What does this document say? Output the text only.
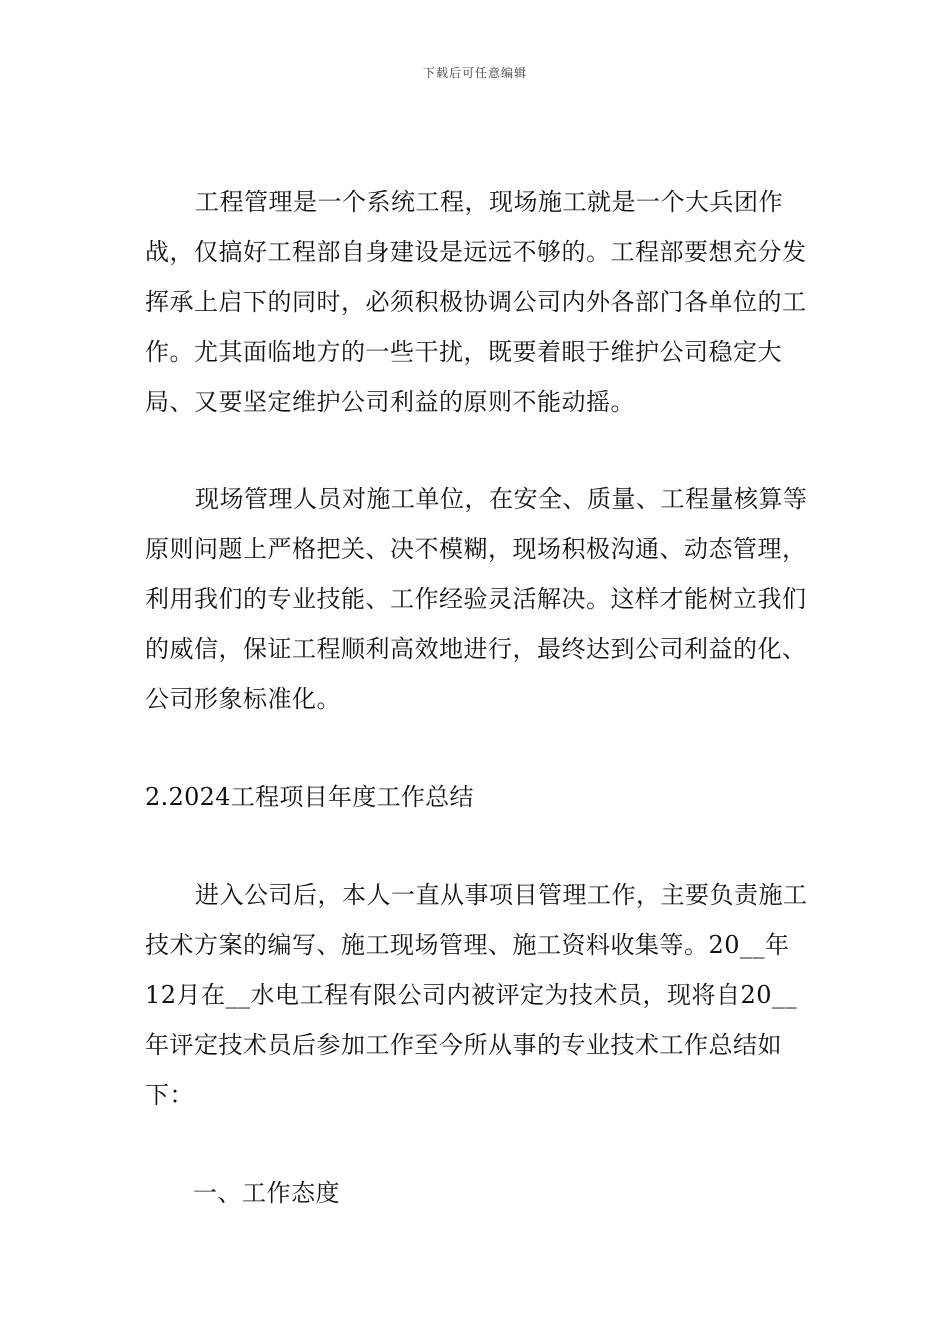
下载后可任意编辑

工程管理是一个系统工程，现场施工就是一个大兵团作战，仅搞好工程部自身建设是远远不够的。工程部要想充分发挥承上启下的同时，必须积极协调公司内外各部门各单位的工作。尤其面临地方的一些干扰，既要着眼于维护公司稳定大局、又要坚定维护公司利益的原则不能动摇。

现场管理人员对施工单位，在安全、质量、工程量核算等原则问题上严格把关、决不模糊，现场积极沟通、动态管理，利用我们的专业技能、工作经验灵活解决。这样才能树立我们的威信，保证工程顺利高效地进行，最终达到公司利益的化、公司形象标准化。

2.2024工程项目年度工作总结

进入公司后，本人一直从事项目管理工作，主要负责施工技术方案的编写、施工现场管理、施工资料收集等。20__年12月在__水电工程有限公司内被评定为技术员，现将自20__年评定技术员后参加工作至今所从事的专业技术工作总结如下：

一、工作态度
